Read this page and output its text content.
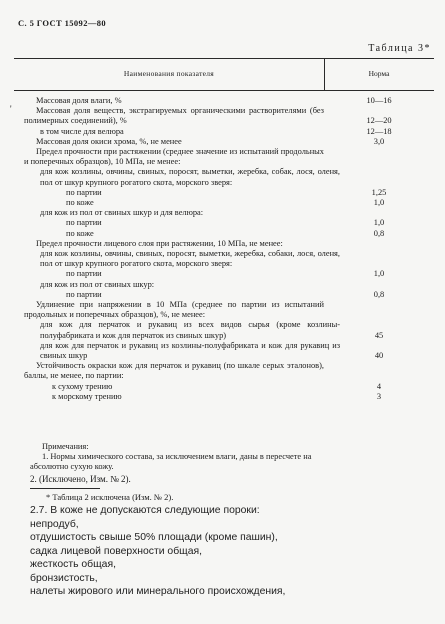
С. 5 ГОСТ 15092—80
Таблица 3*
'
Наименования показателя	Норма
Массовая доля влаги, %	10—16
Массовая доля веществ, экстрагируемых органическими растворителями (без полимерных соединений), %	12—20
в том числе для велюра	12—18
Массовая доля окиси хрома, %, не менее	3,0
Предел прочности при растяжении (среднее значение из испытаний продольных и поперечных образцов), 10 МПа, не менее:
для кож козлины, овчины, свиных, поросят, выметки, жеребка, собак, лося, оленя, пол от шкур крупного рогатого скота, морского зверя:
по партии	1,25
по коже	1,0
для кож из пол от свиных шкур и для велюра:
по партии	1,0
по коже	0,8
Предел прочности лицевого слоя при растяжении, 10 МПа, не менее:
для кож козлины, овчины, свиных, поросят, выметки, жеребка, собаки, лося, оленя, пол от шкур крупного рогатого скота, морского зверя:
по партии	1,0
для кож из пол от свиных шкур:
по партии	0,8
Удлинение при напряжении в 10 МПа (среднее по партии из испытаний продольных и поперечных образцов), %, не менее:
для кож для перчаток и рукавиц из всех видов сырья (кроме козлины-полуфабриката и кож для перчаток из свиных шкур)	45
для кож для перчаток и рукавиц из козлины-полуфабриката и кож для рукавиц из свиных шкур	40
Устойчивость окраски кож для перчаток и рукавиц (по шкале серых эталонов), баллы, не менее, по партии:
к сухому трению	4
к морскому трению	3
Примечания:
1. Нормы химического состава, за исключением влаги, даны в пересчете на
абсолютно сухую кожу.
2. (Исключено, Изм. № 2).
* Таблица 2 исключена (Изм. № 2).
2.7. В коже не допускаются следующие пороки:
непродуб,
отдушистость свыше 50% площади (кроме пашин),
садка лицевой поверхности общая,
жесткость общая,
бронзистость,
налеты жирового или минерального происхождения,
